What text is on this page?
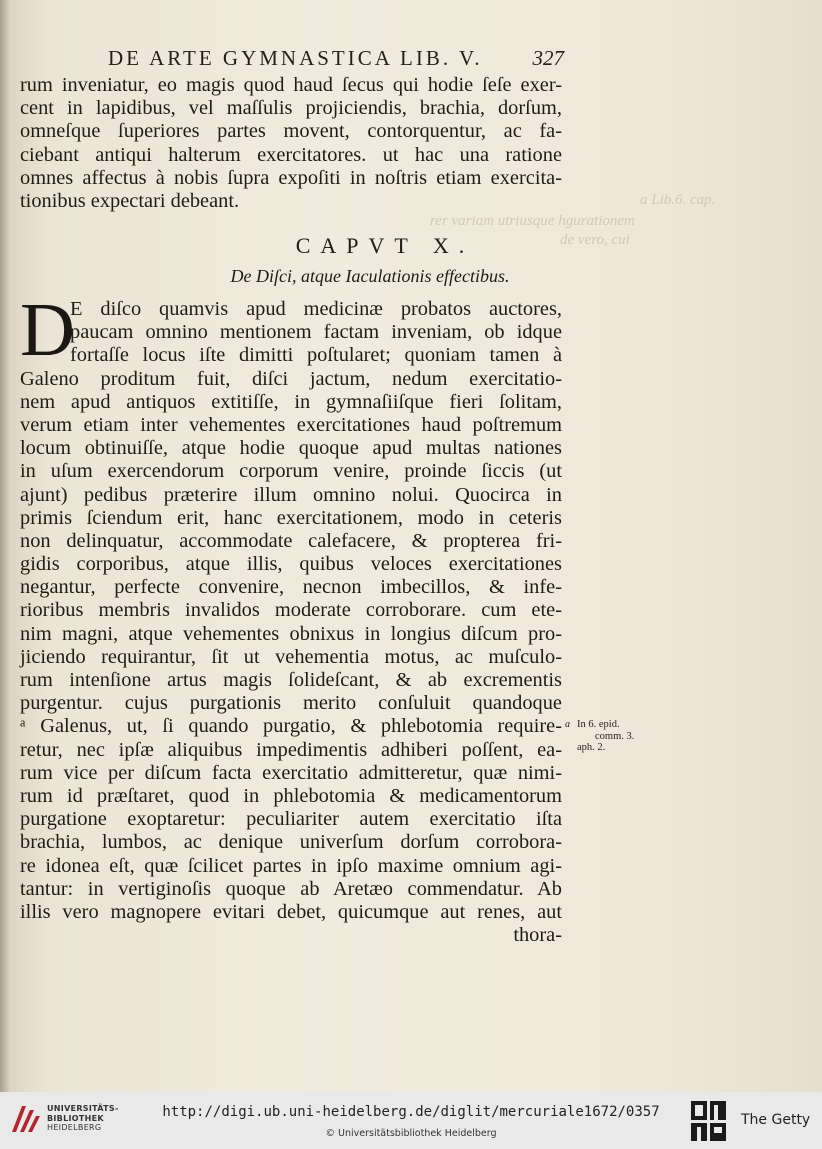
a Lib.6. cap.
rer variam utriusque hgurationem
de vero, cui
DE ARTE GYMNASTICA LIB. V. 327
rum inveniatur, eo magis quod haud ſecus qui hodie ſeſe exer-
cent in lapidibus, vel maſſulis projiciendis, brachia, dorſum,
omneſque ſuperiores partes movent, contorquentur, ac fa-
ciebant antiqui halterum exercitatores. ut hac una ratione
omnes affectus à nobis ſupra expoſiti in noſtris etiam exercita-
tionibus expectari debeant.
CAPVT X.
De Diſci, atque Iaculationis effectibus.
D
E diſco quamvis apud medicinæ probatos auctores,
paucam omnino mentionem factam inveniam, ob idque
fortaſſe locus iſte dimitti poſtularet; quoniam tamen à
Galeno proditum fuit, diſci jactum, nedum exercitatio-
nem apud antiquos extitiſſe, in gymnaſiiſque fieri ſolitam,
verum etiam inter vehementes exercitationes haud poſtremum
locum obtinuiſſe, atque hodie quoque apud multas nationes
in uſum exercendorum corporum venire, proinde ſiccis (ut
ajunt) pedibus præterire illum omnino nolui. Quocirca in
primis ſciendum erit, hanc exercitationem, modo in ceteris
non delinquatur, accommodate calefacere, & propterea fri-
gidis corporibus, atque illis, quibus veloces exercitationes
negantur, perfecte convenire, necnon imbecillos, & infe-
rioribus membris invalidos moderate corroborare. cum ete-
nim magni, atque vehementes obnixus in longius diſcum pro-
jiciendo requirantur, ſit ut vehementia motus, ac muſculo-
rum intenſione artus magis ſolideſcant, & ab excrementis
purgentur. cujus purgationis merito conſuluit quandoque
ᵃ Galenus, ut, ſi quando purgatio, & phlebotomia require-
retur, nec ipſæ aliquibus impedimentis adhiberi poſſent, ea-
rum vice per diſcum facta exercitatio admitteretur, quæ nimi-
rum id præſtaret, quod in phlebotomia & medicamentorum
purgatione exoptaretur: peculiariter autem exercitatio iſta
brachia, lumbos, ac denique univerſum dorſum corrobora-
re idonea eſt, quæ ſcilicet partes in ipſo maxime omnium agi-
tantur: in vertiginoſis quoque ab Aretæo commendatur. Ab
illis vero magnopere evitari debet, quicumque aut renes, aut
thora-
a In 6. epid.
comm. 3.
aph. 2.
UNIVERSITÄTS-
BIBLIOTHEK
HEIDELBERG
http://digi.ub.uni-heidelberg.de/diglit/mercuriale1672/0357
© Universitätsbibliothek Heidelberg
The Getty
